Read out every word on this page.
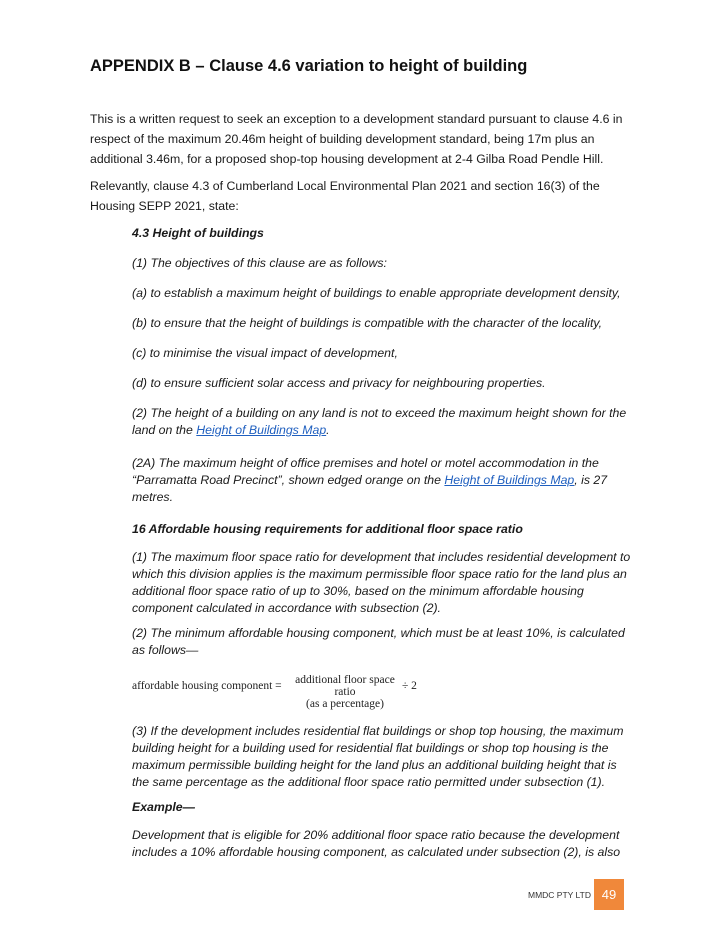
APPENDIX B – Clause 4.6 variation to height of building
This is a written request to seek an exception to a development standard pursuant to clause 4.6 in
respect of the maximum 20.46m height of building development standard, being 17m plus an
additional 3.46m, for a proposed shop-top housing development at 2-4 Gilba Road Pendle Hill.
Relevantly, clause 4.3 of Cumberland Local Environmental Plan 2021 and section 16(3) of the
Housing SEPP 2021, state:
4.3 Height of buildings
(1) The objectives of this clause are as follows:
(a) to establish a maximum height of buildings to enable appropriate development density,
(b) to ensure that the height of buildings is compatible with the character of the locality,
(c) to minimise the visual impact of development,
(d) to ensure sufficient solar access and privacy for neighbouring properties.
(2) The height of a building on any land is not to exceed the maximum height shown for the
land on the Height of Buildings Map.
(2A) The maximum height of office premises and hotel or motel accommodation in the
“Parramatta Road Precinct”, shown edged orange on the Height of Buildings Map, is 27
metres.
16 Affordable housing requirements for additional floor space ratio
(1) The maximum floor space ratio for development that includes residential development to
which this division applies is the maximum permissible floor space ratio for the land plus an
additional floor space ratio of up to 30%, based on the minimum affordable housing
component calculated in accordance with subsection (2).
(2) The minimum affordable housing component, which must be at least 10%, is calculated
as follows—
affordable housing component =	additional floor space ratio
(as a percentage)
÷ 2
(3) If the development includes residential flat buildings or shop top housing, the maximum
building height for a building used for residential flat buildings or shop top housing is the
maximum permissible building height for the land plus an additional building height that is
the same percentage as the additional floor space ratio permitted under subsection (1).
Example—
Development that is eligible for 20% additional floor space ratio because the development
includes a 10% affordable housing component, as calculated under subsection (2), is also
MMDC PTY LTD 49
